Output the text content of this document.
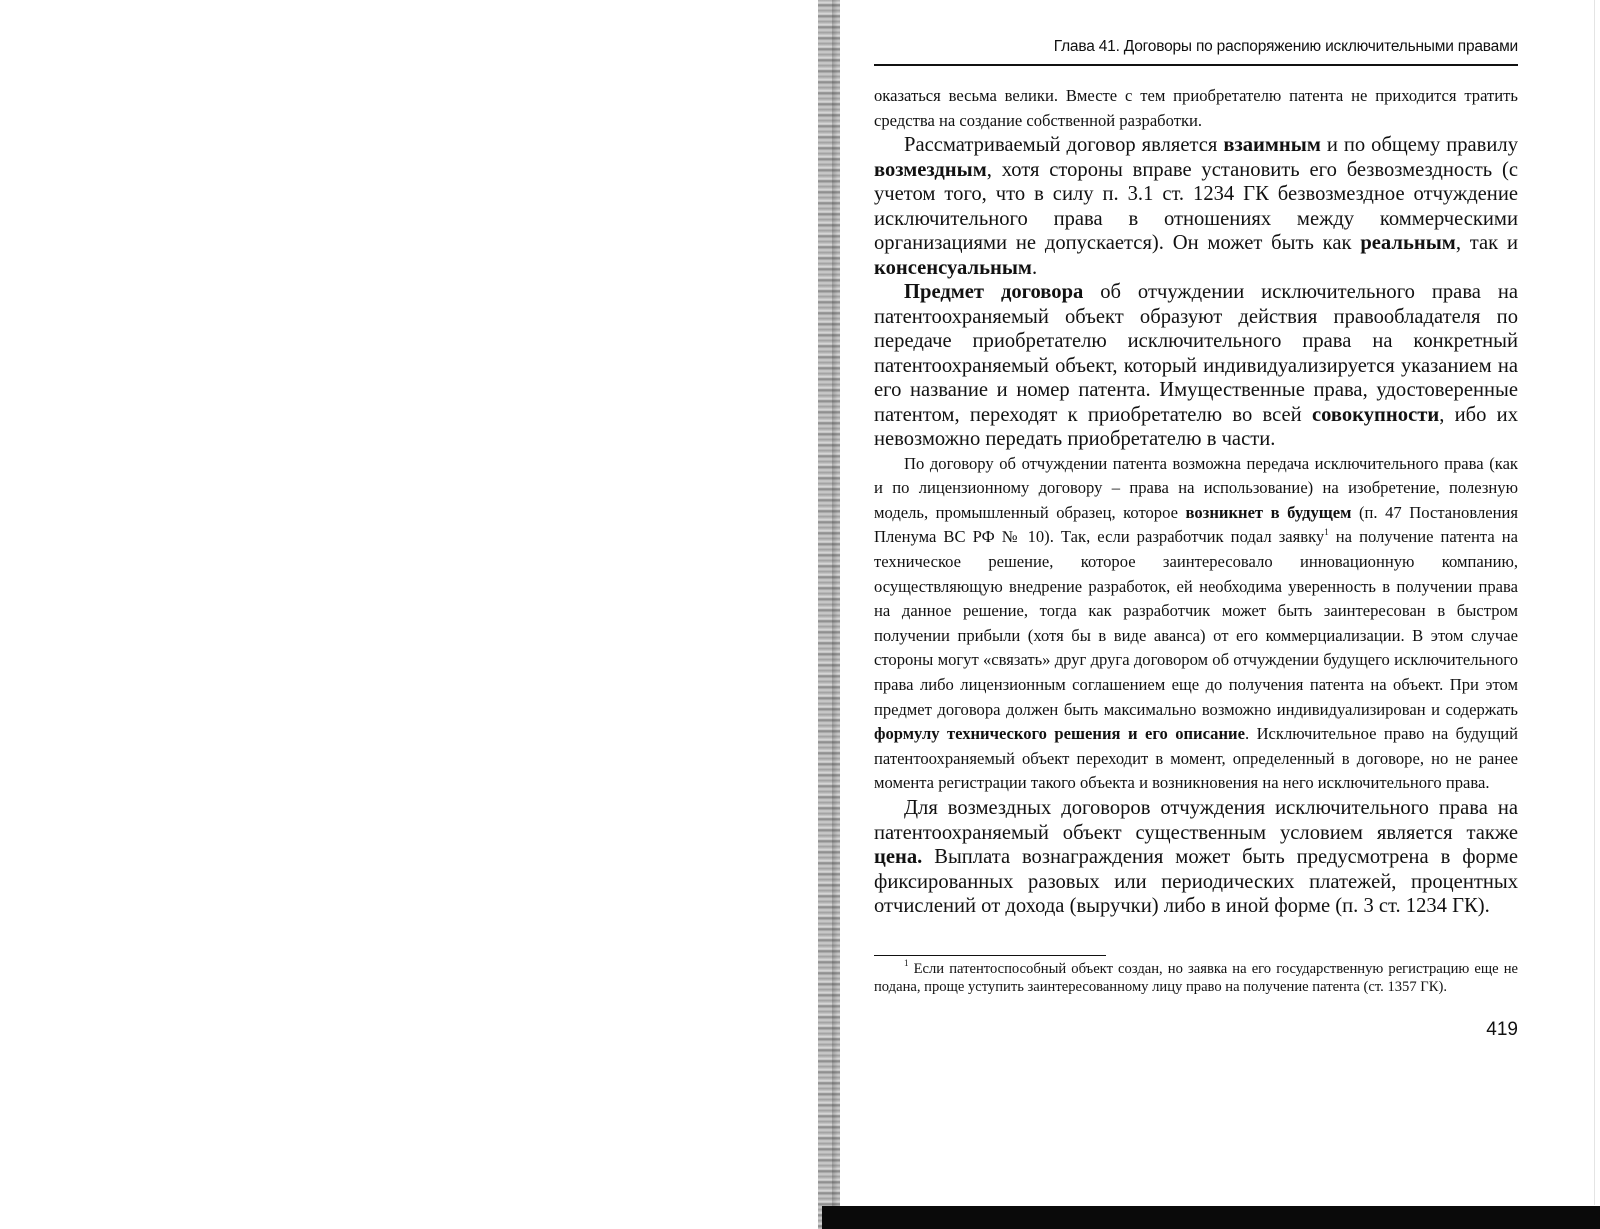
Глава 41. Договоры по распоряжению исключительными правами

оказаться весьма велики. Вместе с тем приобретателю патента не приходится тратить средства на создание собственной разработки.

Рассматриваемый договор является взаимным и по общему правилу возмездным, хотя стороны вправе установить его безвозмездность (с учетом того, что в силу п. 3.1 ст. 1234 ГК безвозмездное отчуждение исключительного права в отношениях между коммерческими организациями не допускается). Он может быть как реальным, так и консенсуальным.

Предмет договора об отчуждении исключительного права на патентоохраняемый объект образуют действия правообладателя по передаче приобретателю исключительного права на конкретный патентоохраняемый объект, который индивидуализируется указанием на его название и номер патента. Имущественные права, удостоверенные патентом, переходят к приобретателю во всей совокупности, ибо их невозможно передать приобретателю в части.

По договору об отчуждении патента возможна передача исключительного права (как и по лицензионному договору – права на использование) на изобретение, полезную модель, промышленный образец, которое возникнет в будущем (п. 47 Постановления Пленума ВС РФ № 10). Так, если разработчик подал заявку$^1$ на получение патента на техническое решение, которое заинтересовало инновационную компанию, осуществляющую внедрение разработок, ей необходима уверенность в получении права на данное решение, тогда как разработчик может быть заинтересован в быстром получении прибыли (хотя бы в виде аванса) от его коммерциализации. В этом случае стороны могут «связать» друг друга договором об отчуждении будущего исключительного права либо лицензионным соглашением еще до получения патента на объект. При этом предмет договора должен быть максимально возможно индивидуализирован и содержать формулу технического решения и его описание. Исключительное право на будущий патентоохраняемый объект переходит в момент, определенный в договоре, но не ранее момента регистрации такого объекта и возникновения на него исключительного права.

Для возмездных договоров отчуждения исключительного права на патентоохраняемый объект существенным условием является также цена. Выплата вознаграждения может быть предусмотрена в форме фиксированных разовых или периодических платежей, процентных отчислений от дохода (выручки) либо в иной форме (п. 3 ст. 1234 ГК).

$^1$ Если патентоспособный объект создан, но заявка на его государственную регистрацию еще не подана, проще уступить заинтересованному лицу право на получение патента (ст. 1357 ГК).

419
